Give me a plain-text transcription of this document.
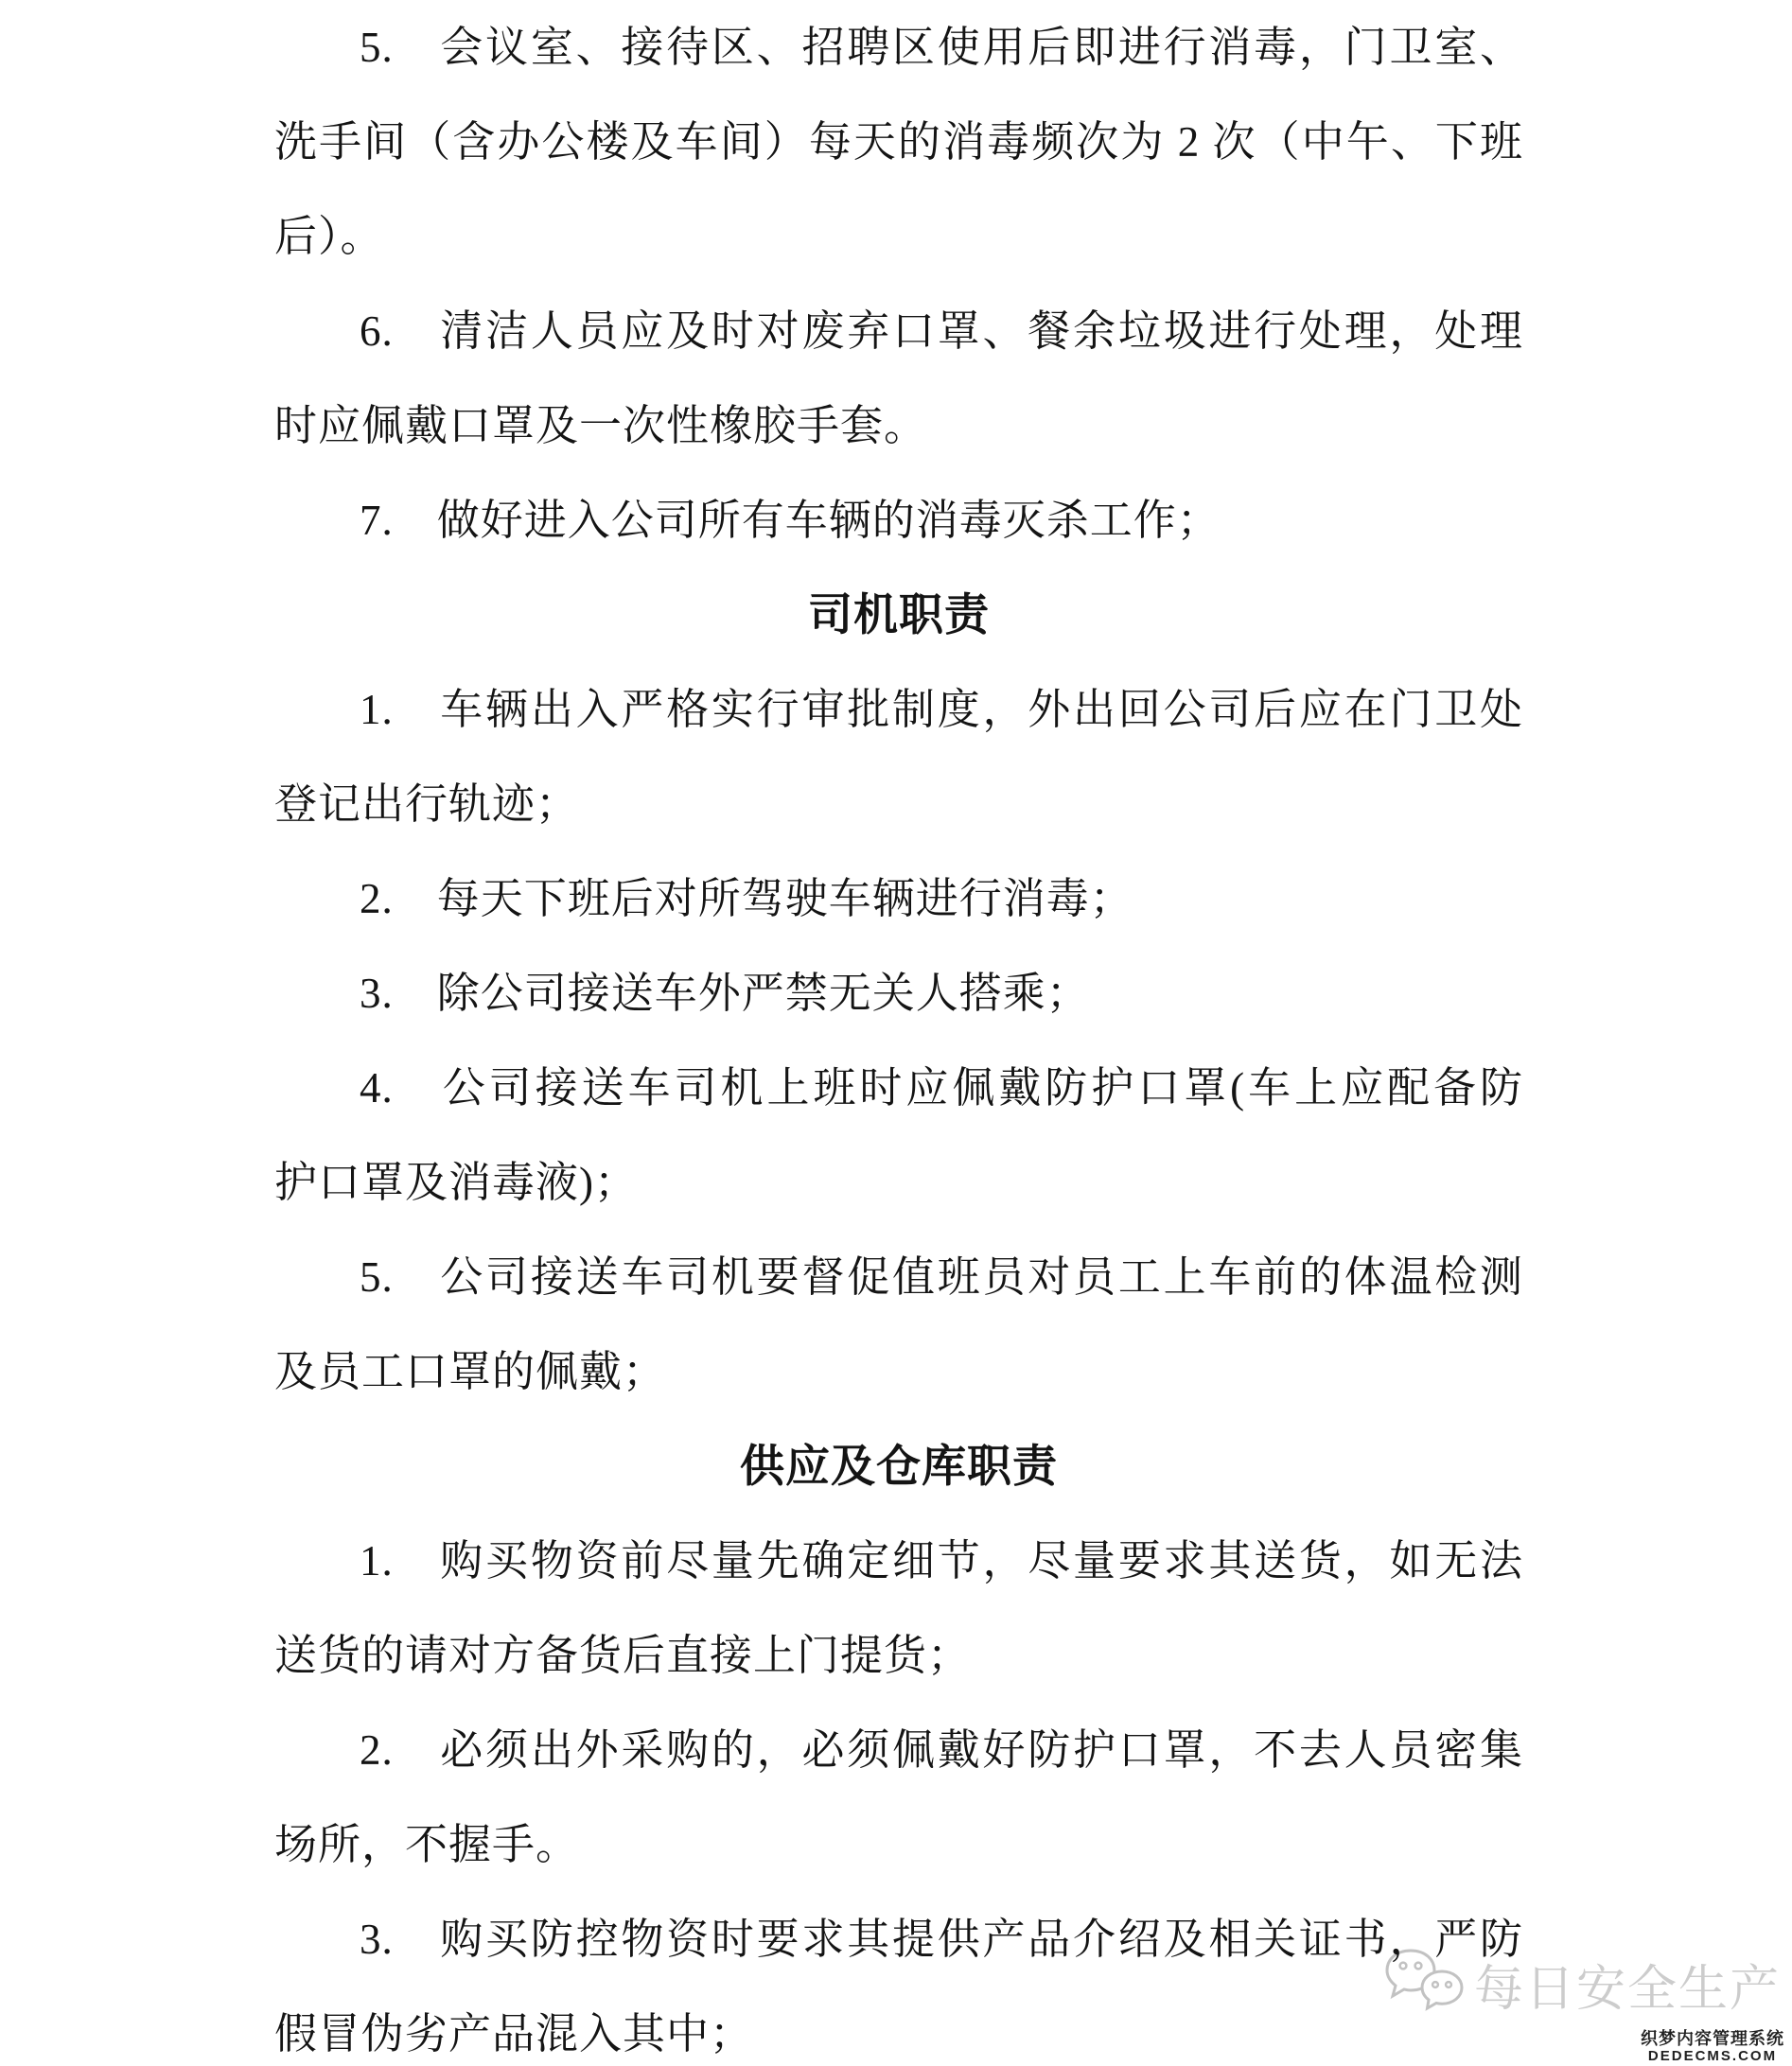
5.　会议室、接待区、招聘区使用后即进行消毒，门卫室、
洗手间（含办公楼及车间）每天的消毒频次为 2 次（中午、下班
后）。
6.　清洁人员应及时对废弃口罩、餐余垃圾进行处理，处理
时应佩戴口罩及一次性橡胶手套。
7.　做好进入公司所有车辆的消毒灭杀工作；
司机职责
1.　车辆出入严格实行审批制度，外出回公司后应在门卫处
登记出行轨迹；
2.　每天下班后对所驾驶车辆进行消毒；
3.　除公司接送车外严禁无关人搭乘；
4.　公司接送车司机上班时应佩戴防护口罩(车上应配备防
护口罩及消毒液)；
5.　公司接送车司机要督促值班员对员工上车前的体温检测
及员工口罩的佩戴；
供应及仓库职责
1.　购买物资前尽量先确定细节，尽量要求其送货，如无法
送货的请对方备货后直接上门提货；
2.　必须出外采购的，必须佩戴好防护口罩，不去人员密集
场所，不握手。
3.　购买防控物资时要求其提供产品介绍及相关证书，严防
假冒伪劣产品混入其中；
每日安全生产
织梦内容管理系统
DEDECMS.COM
